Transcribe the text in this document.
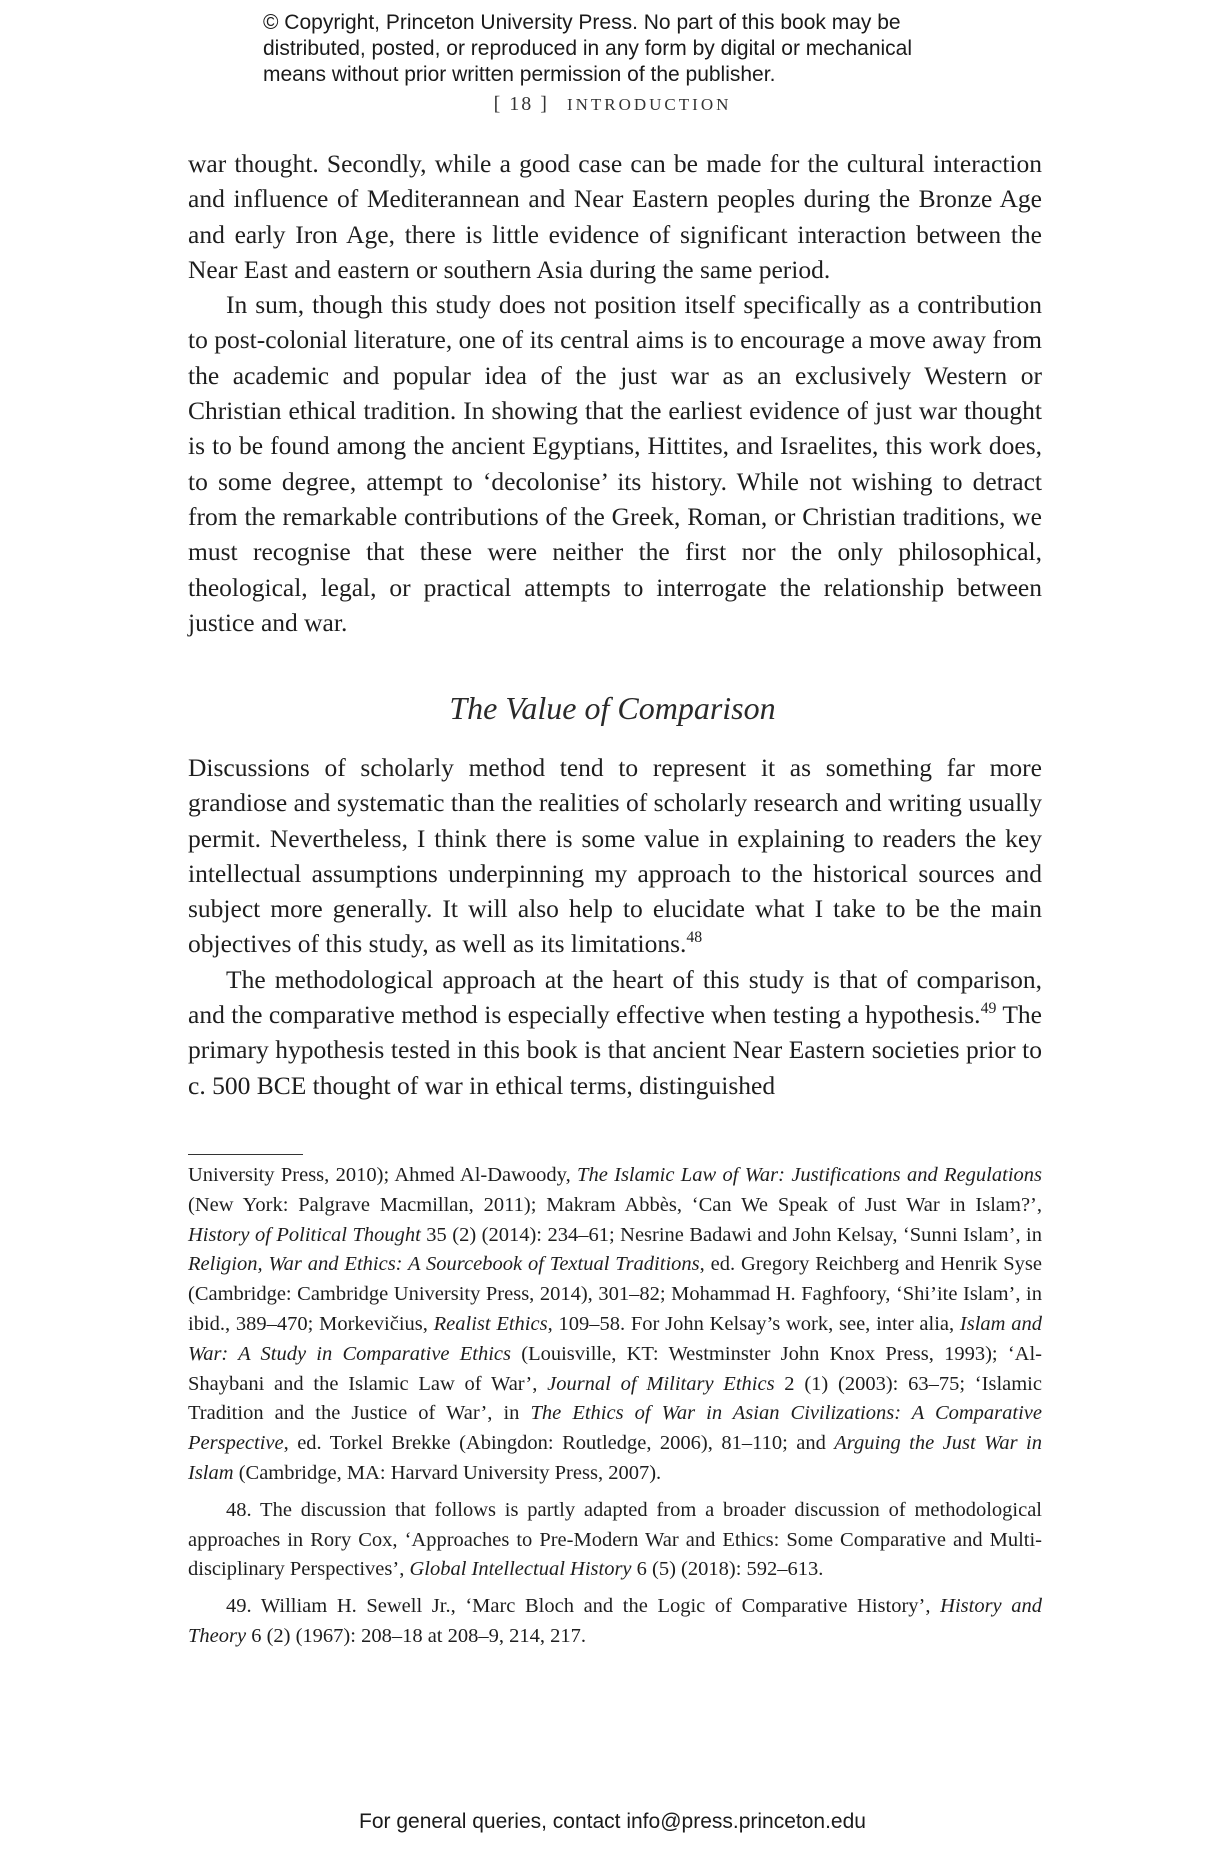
© Copyright, Princeton University Press. No part of this book may be
distributed, posted, or reproduced in any form by digital or mechanical
means without prior written permission of the publisher.
[ 18 ] INTRODUCTION

war thought. Secondly, while a good case can be made for the cultural interaction and influence of Mediterannean and Near Eastern peoples during the Bronze Age and early Iron Age, there is little evidence of significant interaction between the Near East and eastern or southern Asia during the same period.

In sum, though this study does not position itself specifically as a contribution to post-colonial literature, one of its central aims is to encourage a move away from the academic and popular idea of the just war as an exclusively Western or Christian ethical tradition. In showing that the earliest evidence of just war thought is to be found among the ancient Egyptians, Hittites, and Israelites, this work does, to some degree, attempt to ‘decolonise’ its history. While not wishing to detract from the remarkable contributions of the Greek, Roman, or Christian traditions, we must recognise that these were neither the first nor the only philosophical, theological, legal, or practical attempts to interrogate the relationship between justice and war.

The Value of Comparison

Discussions of scholarly method tend to represent it as something far more grandiose and systematic than the realities of scholarly research and writing usually permit. Nevertheless, I think there is some value in explaining to readers the key intellectual assumptions underpinning my approach to the historical sources and subject more generally. It will also help to elucidate what I take to be the main objectives of this study, as well as its limitations.$^{48}$

The methodological approach at the heart of this study is that of comparison, and the comparative method is especially effective when testing a hypothesis.$^{49}$ The primary hypothesis tested in this book is that ancient Near Eastern societies prior to c. 500 BCE thought of war in ethical terms, distinguished

University Press, 2010); Ahmed Al-Dawoody, The Islamic Law of War: Justifications and Regulations (New York: Palgrave Macmillan, 2011); Makram Abbès, ‘Can We Speak of Just War in Islam?’, History of Political Thought 35 (2) (2014): 234–61; Nesrine Badawi and John Kelsay, ‘Sunni Islam’, in Religion, War and Ethics: A Sourcebook of Textual Traditions, ed. Gregory Reichberg and Henrik Syse (Cambridge: Cambridge University Press, 2014), 301–82; Mohammad H. Faghfoory, ‘Shi’ite Islam’, in ibid., 389–470; Morkevičius, Realist Ethics, 109–58. For John Kelsay’s work, see, inter alia, Islam and War: A Study in Comparative Ethics (Louisville, KT: Westminster John Knox Press, 1993); ‘Al-Shaybani and the Islamic Law of War’, Journal of Military Ethics 2 (1) (2003): 63–75; ‘Islamic Tradition and the Justice of War’, in The Ethics of War in Asian Civilizations: A Comparative Perspective, ed. Torkel Brekke (Abingdon: Routledge, 2006), 81–110; and Arguing the Just War in Islam (Cambridge, MA: Harvard University Press, 2007).

48. The discussion that follows is partly adapted from a broader discussion of methodological approaches in Rory Cox, ‘Approaches to Pre-Modern War and Ethics: Some Comparative and Multi-disciplinary Perspectives’, Global Intellectual History 6 (5) (2018): 592–613.

49. William H. Sewell Jr., ‘Marc Bloch and the Logic of Comparative History’, History and Theory 6 (2) (1967): 208–18 at 208–9, 214, 217.

For general queries, contact info@press.princeton.edu
